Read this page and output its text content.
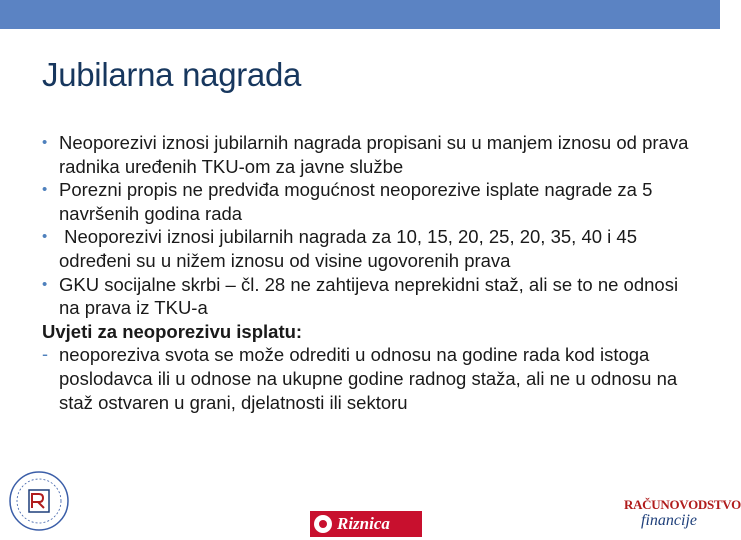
Jubilarna nagrada
• Neoporezivi iznosi jubilarnih nagrada propisani su u manjem iznosu od prava radnika uređenih TKU-om za javne službe
• Porezni propis ne predviđa mogućnost neoporezive isplate nagrade za 5 navršenih godina rada
• Neoporezivi iznosi jubilarnih nagrada za 10, 15, 20, 25, 20, 35, 40 i 45  određeni su u nižem iznosu od visine ugovorenih prava
• GKU socijalne skrbi – čl. 28 ne zahtijeva neprekidni staž, ali se to ne odnosi na prava iz TKU-a
Uvjeti za neoporezivu isplatu:
- neoporeziva svota se može odrediti u odnosu na godine rada kod istoga poslodavca ili u odnose na ukupne godine radnog staža, ali ne u odnosu na staž ostvaren u grani, djelatnosti ili sektoru
Riznica
RAČUNOVODSTVO
financije
